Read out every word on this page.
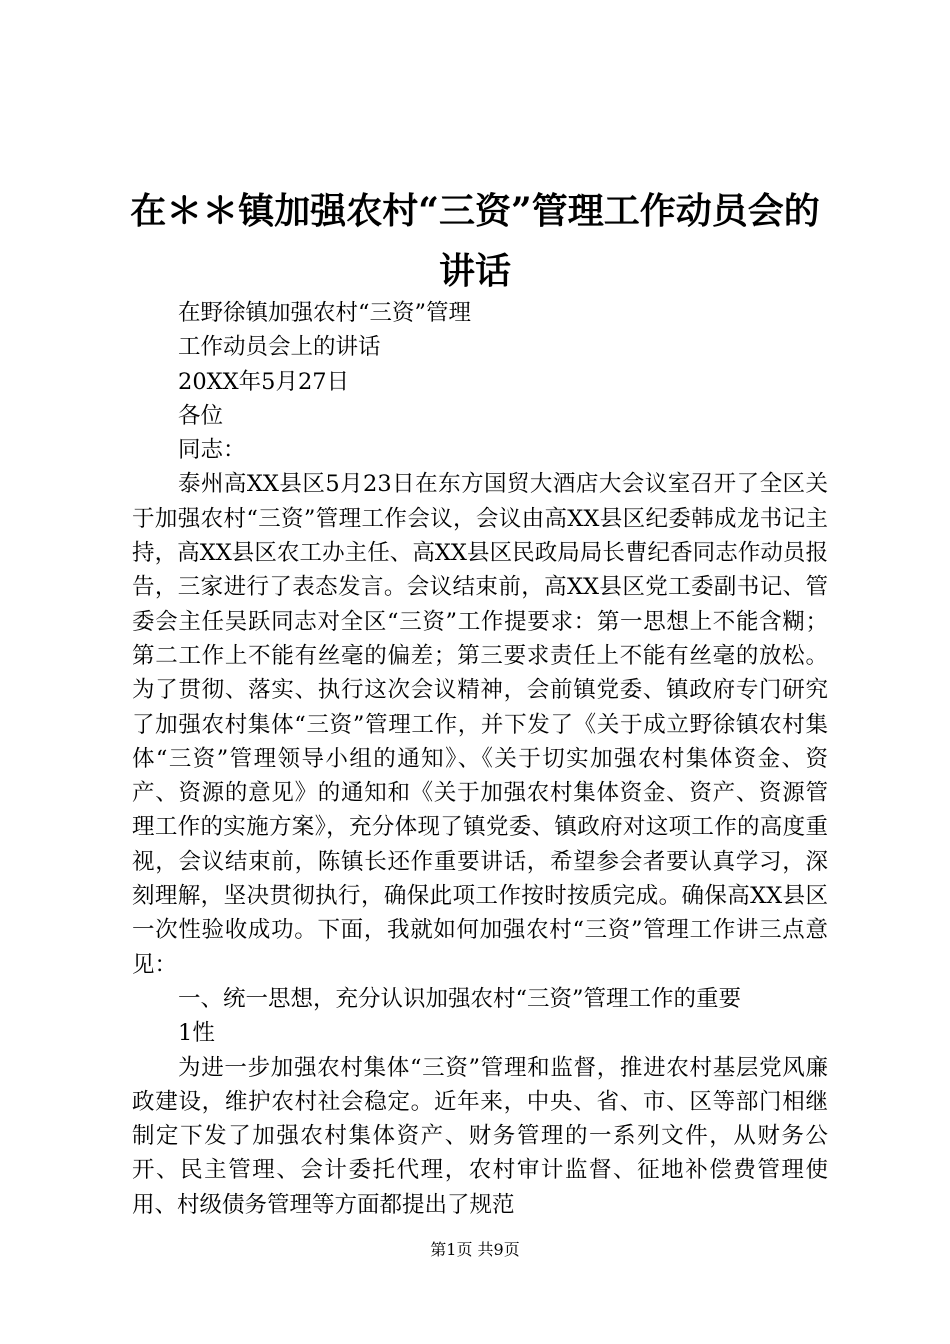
在＊＊镇加强农村“三资”管理工作动员会的
讲话
在野徐镇加强农村“三资”管理
工作动员会上的讲话
20XX年5月27日
各位
同志：

泰州高XX县区5月23日在东方国贸大酒店大会议室召开了全区关于加强农村“三资”管理工作会议，会议由高XX县区纪委韩成龙书记主持，高XX县区农工办主任、高XX县区民政局局长曹纪香同志作动员报告，三家进行了表态发言。会议结束前，高XX县区党工委副书记、管委会主任吴跃同志对全区“三资”工作提要求：第一思想上不能含糊；第二工作上不能有丝毫的偏差；第三要求责任上不能有丝毫的放松。为了贯彻、落实、执行这次会议精神，会前镇党委、镇政府专门研究了加强农村集体“三资”管理工作，并下发了《关于成立野徐镇农村集体“三资”管理领导小组的通知》、《关于切实加强农村集体资金、资产、资源的意见》的通知和《关于加强农村集体资金、资产、资源管理工作的实施方案》，充分体现了镇党委、镇政府对这项工作的高度重视，会议结束前，陈镇长还作重要讲话，希望参会者要认真学习，深刻理解，坚决贯彻执行，确保此项工作按时按质完成。确保高XX县区一次性验收成功。下面，我就如何加强农村“三资”管理工作讲三点意见：

一、统一思想，充分认识加强农村“三资”管理工作的重要

1性

为进一步加强农村集体“三资”管理和监督，推进农村基层党风廉政建设，维护农村社会稳定。近年来，中央、省、市、区等部门相继制定下发了加强农村集体资产、财务管理的一系列文件，从财务公开、民主管理、会计委托代理，农村审计监督、征地补偿费管理使用、村级债务管理等方面都提出了规范

第1页 共9页
